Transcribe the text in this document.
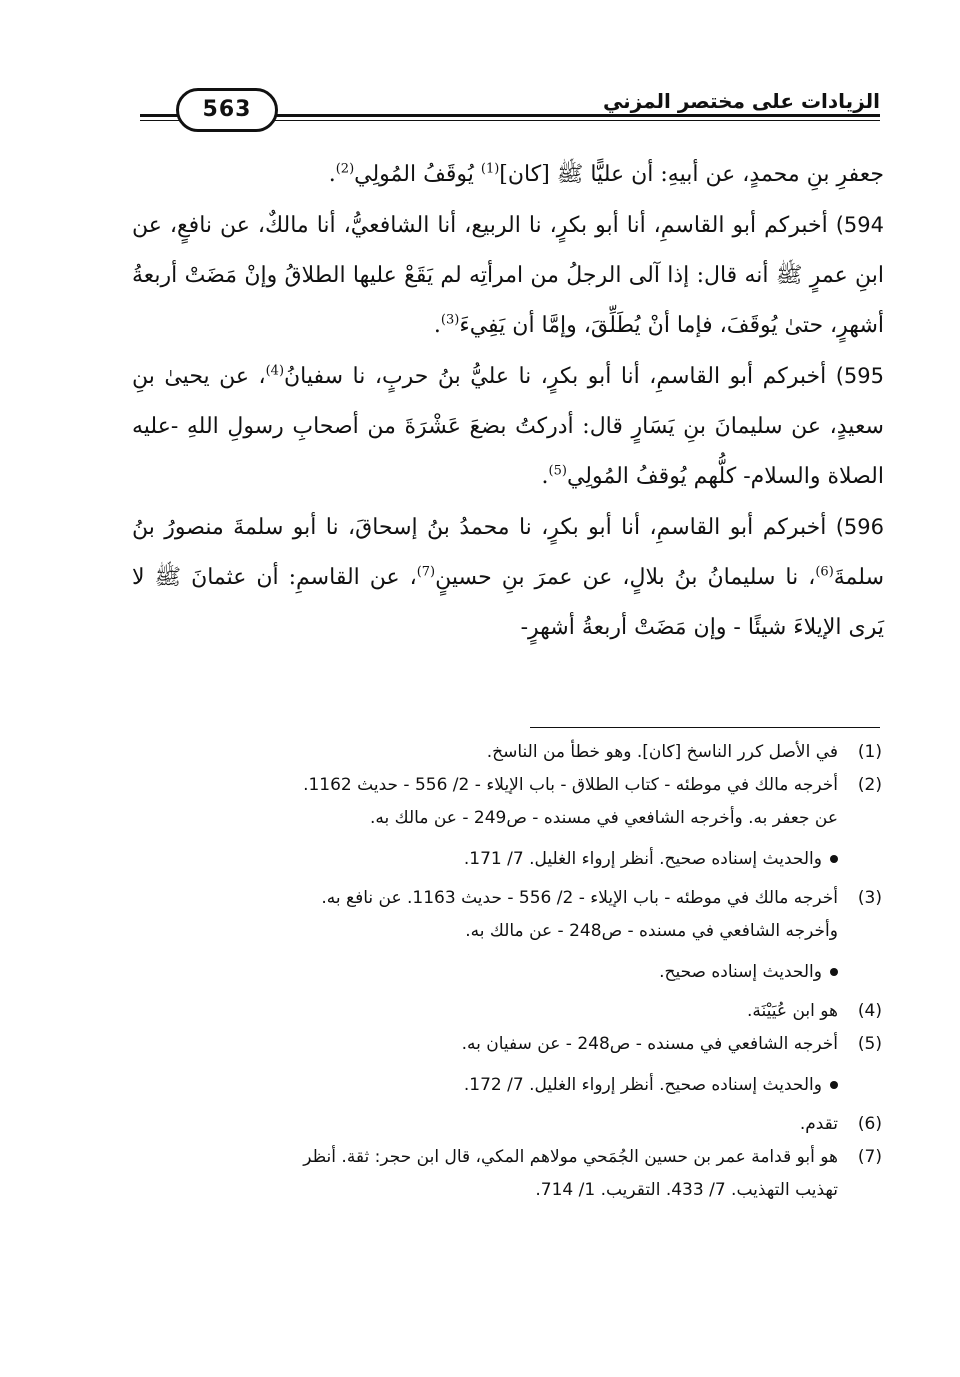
563	الزيادات على مختصر المزني

جعفرِ بنِ محمدٍ، عن أبيهِ: أن عليًّا ﷺ [كان]$^{(1)}$ يُوقَفُ المُولِي$^{(2)}$.

594) أخبركم أبو القاسمِ، أنا أبو بكرٍ، نا الربيع، أنا الشافعيُّ، أنا مالكٌ، عن نافعٍ، عن ابنِ عمرٍ ﷺ أنه قال: إذا آلى الرجلُ من امرأتِه لم يَقَعْ عليها الطلاقُ وإنْ مَضَتْ أربعةُ أشهرٍ، حتىٰ يُوقَفَ، فإما أنْ يُطَلِّقَ، وإمَّا أن يَفِيءَ$^{(3)}$.

595) أخبركم أبو القاسمِ، أنا أبو بكرٍ، نا عليُّ بنُ حربٍ، نا سفيانُ$^{(4)}$، عن يحيىٰ بنِ سعيدٍ، عن سليمانَ بنِ يَسَارٍ قال: أدركتُ بضعَ عَشْرَةَ من أصحابِ رسولِ اللهِ -عليه الصلاة والسلام- كلُّهم يُوقفُ المُولِي$^{(5)}$.

596) أخبركم أبو القاسمِ، أنا أبو بكرٍ، نا محمدُ بنُ إسحاقَ، نا أبو سلمةَ منصورُ بنُ سلمةَ$^{(6)}$، نا سليمانُ بنُ بلالٍ، عن عمرَ بنِ حسينٍ$^{(7)}$، عن القاسمِ: أن عثمانَ ﷺ لا يَرى الإيلاءَ شيئًا - وإن مَضَتْ أربعةُ أشهرٍ-

(1)
في الأصل كرر الناسخ [كان]. وهو خطأ من الناسخ.
(2)
أخرجه مالك في موطئه - كتاب الطلاق - باب الإيلاء - 2/ 556 - حديث 1162.
عن جعفر به. وأخرجه الشافعي في مسنده - ص249 - عن مالك به.
والحديث إسناده صحيح. أنظر إرواء الغليل. 7/ 171.
(3)
أخرجه مالك في موطئه - باب الإيلاء - 2/ 556 - حديث 1163. عن نافع به.
وأخرجه الشافعي في مسنده - ص248 - عن مالك به.
والحديث إسناده صحيح.
(4)
هو ابن عُيَيْنَة.
(5)
أخرجه الشافعي في مسنده - ص248 - عن سفيان به.
والحديث إسناده صحيح. أنظر إرواء الغليل. 7/ 172.
(6)
تقدم.
(7)
هو أبو قدامة عمر بن حسين الجُمَحي مولاهم المكي، قال ابن حجر: ثقة. أنظر
تهذيب التهذيب. 7/ 433. التقريب. 1/ 714.
